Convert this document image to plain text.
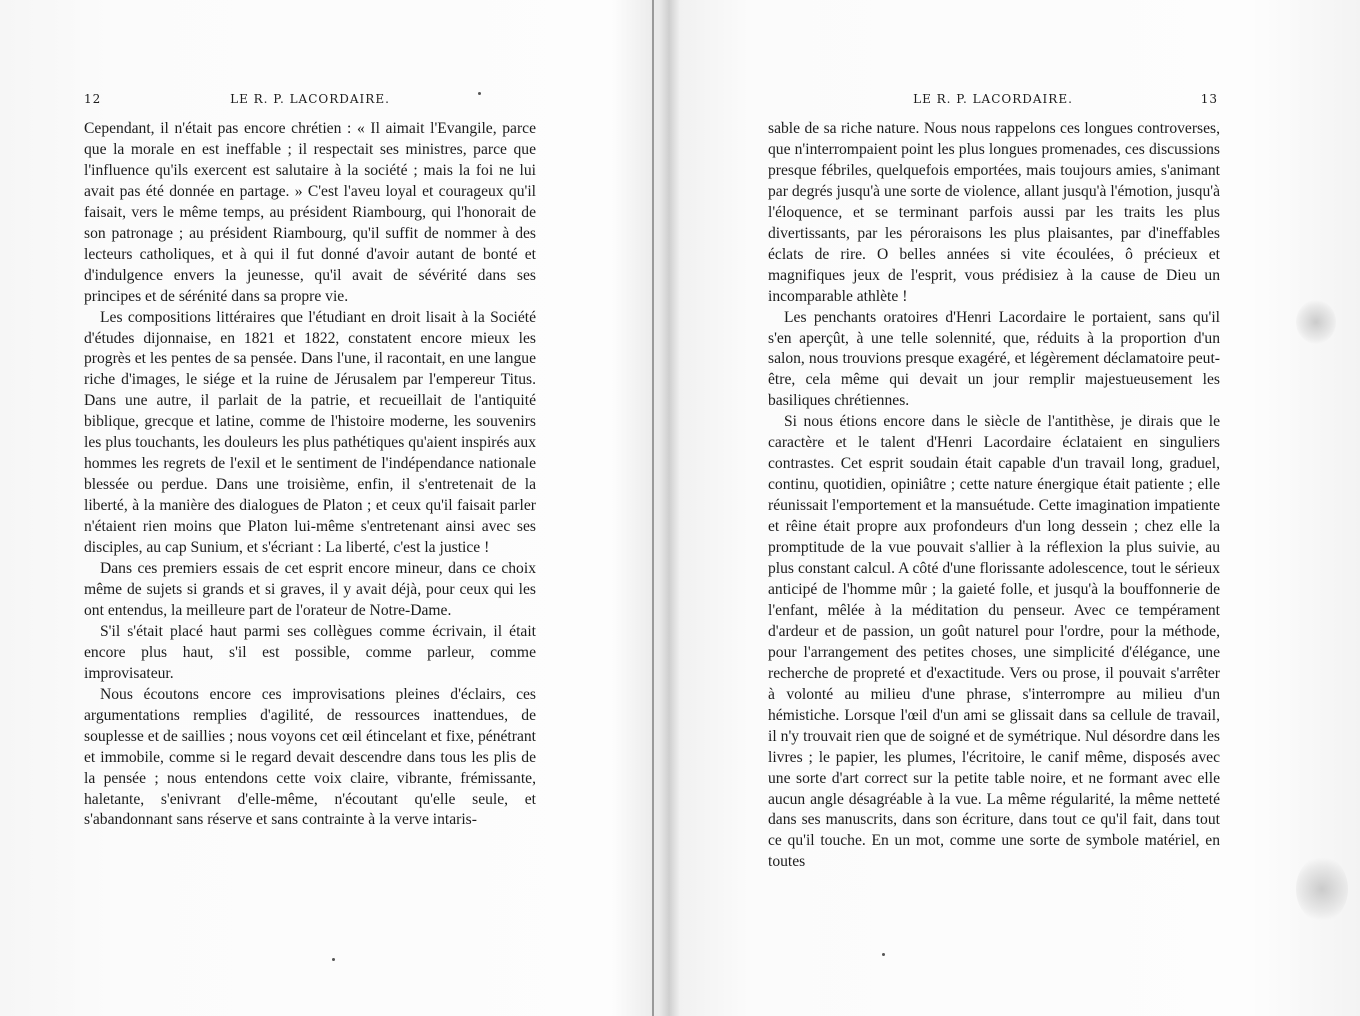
12	LE R. P. LACORDAIRE.

Cependant, il n'était pas encore chrétien : « Il aimait l'Evangile, parce que la morale en est ineffable ; il respectait ses ministres, parce que l'influence qu'ils exercent est salutaire à la société ; mais la foi ne lui avait pas été donnée en partage. » C'est l'aveu loyal et courageux qu'il faisait, vers le même temps, au président Riambourg, qui l'honorait de son patronage ; au président Riambourg, qu'il suffit de nommer à des lecteurs catholiques, et à qui il fut donné d'avoir autant de bonté et d'indulgence envers la jeunesse, qu'il avait de sévérité dans ses principes et de sérénité dans sa propre vie.

Les compositions littéraires que l'étudiant en droit lisait à la Société d'études dijonnaise, en 1821 et 1822, constatent encore mieux les progrès et les pentes de sa pensée. Dans l'une, il racontait, en une langue riche d'images, le siége et la ruine de Jérusalem par l'empereur Titus. Dans une autre, il parlait de la patrie, et recueillait de l'antiquité biblique, grecque et latine, comme de l'histoire moderne, les souvenirs les plus touchants, les douleurs les plus pathétiques qu'aient inspirés aux hommes les regrets de l'exil et le sentiment de l'indépendance nationale blessée ou perdue. Dans une troisième, enfin, il s'entretenait de la liberté, à la manière des dialogues de Platon ; et ceux qu'il faisait parler n'étaient rien moins que Platon lui-même s'entretenant ainsi avec ses disciples, au cap Sunium, et s'écriant : La liberté, c'est la justice !

Dans ces premiers essais de cet esprit encore mineur, dans ce choix même de sujets si grands et si graves, il y avait déjà, pour ceux qui les ont entendus, la meilleure part de l'orateur de Notre-Dame.

S'il s'était placé haut parmi ses collègues comme écrivain, il était encore plus haut, s'il est possible, comme parleur, comme improvisateur.

Nous écoutons encore ces improvisations pleines d'éclairs, ces argumentations remplies d'agilité, de ressources inattendues, de souplesse et de saillies ; nous voyons cet œil étincelant et fixe, pénétrant et immobile, comme si le regard devait descendre dans tous les plis de la pensée ; nous entendons cette voix claire, vibrante, frémissante, haletante, s'enivrant d'elle-même, n'écoutant qu'elle seule, et s'abandonnant sans réserve et sans contrainte à la verve intaris-

13
LE R. P. LACORDAIRE.

sable de sa riche nature. Nous nous rappelons ces longues controverses, que n'interrompaient point les plus longues promenades, ces discussions presque fébriles, quelquefois emportées, mais toujours amies, s'animant par degrés jusqu'à une sorte de violence, allant jusqu'à l'émotion, jusqu'à l'éloquence, et se terminant parfois aussi par les traits les plus divertissants, par les péroraisons les plus plaisantes, par d'ineffables éclats de rire. O belles années si vite écoulées, ô précieux et magnifiques jeux de l'esprit, vous prédisiez à la cause de Dieu un incomparable athlète !

Les penchants oratoires d'Henri Lacordaire le portaient, sans qu'il s'en aperçût, à une telle solennité, que, réduits à la proportion d'un salon, nous trouvions presque exagéré, et légèrement déclamatoire peut-être, cela même qui devait un jour remplir majestueusement les basiliques chrétiennes.

Si nous étions encore dans le siècle de l'antithèse, je dirais que le caractère et le talent d'Henri Lacordaire éclataient en singuliers contrastes. Cet esprit soudain était capable d'un travail long, graduel, continu, quotidien, opiniâtre ; cette nature énergique était patiente ; elle réunissait l'emportement et la mansuétude. Cette imagination impatiente et rêine était propre aux profondeurs d'un long dessein ; chez elle la promptitude de la vue pouvait s'allier à la réflexion la plus suivie, au plus constant calcul. A côté d'une florissante adolescence, tout le sérieux anticipé de l'homme mûr ; la gaieté folle, et jusqu'à la bouffonnerie de l'enfant, mêlée à la méditation du penseur. Avec ce tempérament d'ardeur et de passion, un goût naturel pour l'ordre, pour la méthode, pour l'arrangement des petites choses, une simplicité d'élégance, une recherche de propreté et d'exactitude. Vers ou prose, il pouvait s'arrêter à volonté au milieu d'une phrase, s'interrompre au milieu d'un hémistiche. Lorsque l'œil d'un ami se glissait dans sa cellule de travail, il n'y trouvait rien que de soigné et de symétrique. Nul désordre dans les livres ; le papier, les plumes, l'écritoire, le canif même, disposés avec une sorte d'art correct sur la petite table noire, et ne formant avec elle aucun angle désagréable à la vue. La même régularité, la même netteté dans ses manuscrits, dans son écriture, dans tout ce qu'il fait, dans tout ce qu'il touche. En un mot, comme une sorte de symbole matériel, en toutes
